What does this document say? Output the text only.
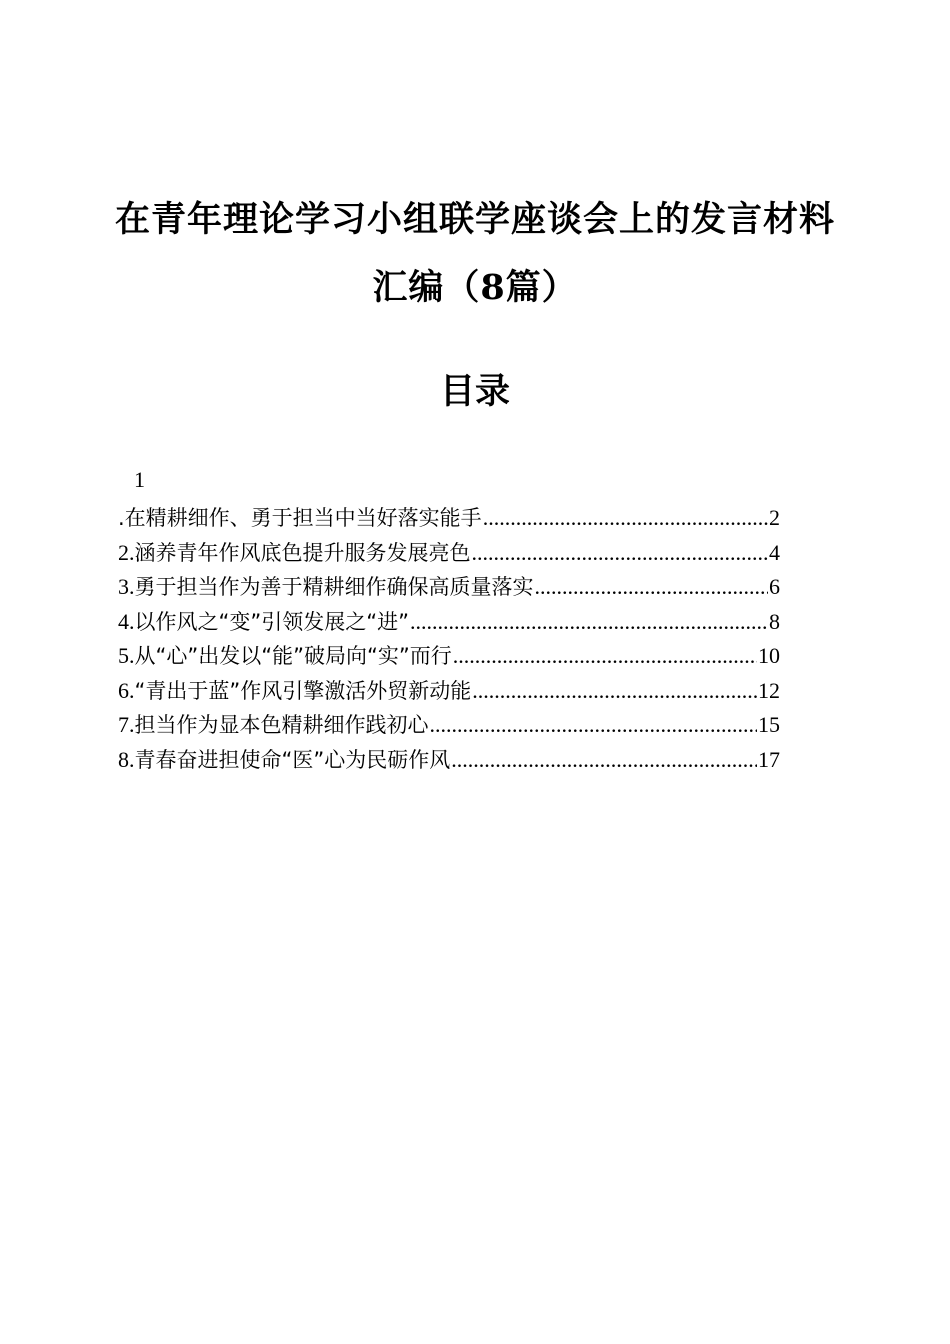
在青年理论学习小组联学座谈会上的发言材料
汇编（8篇）
目录
1
.在精耕细作、勇于担当中当好落实能手 .....	2
2. 涵养青年作风底色提升服务发展亮色 .....	4
3. 勇于担当作为善于精耕细作确保高质量落实 .....	6
4. 以作风之“变”引领发展之“进” .....	8
5. 从“心”出发以“能”破局向“实”而行 .....	10
6. “青出于蓝”作风引擎激活外贸新动能 .....	12
7. 担当作为显本色精耕细作践初心 .....	15
8. 青春奋进担使命“医”心为民砺作风 .....	17
